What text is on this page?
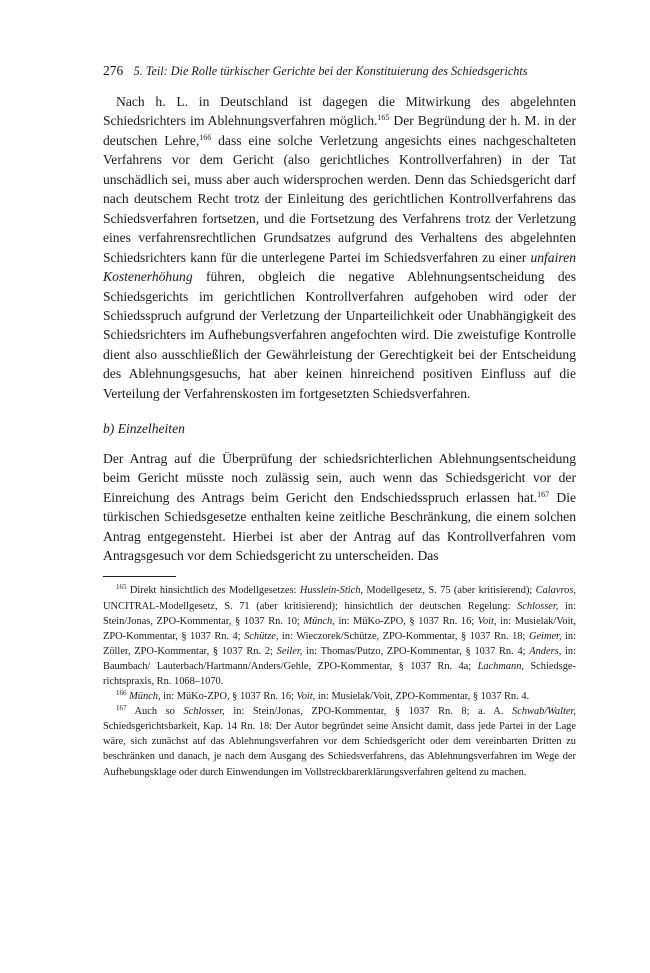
276 5. Teil: Die Rolle türkischer Gerichte bei der Konstituierung des Schiedsgerichts

Nach h. L. in Deutschland ist dagegen die Mitwirkung des abgelehnten Schiedsrichters im Ablehnungsverfahren möglich.$^{165}$ Der Begründung der h. M. in der deutschen Lehre,$^{166}$ dass eine solche Verletzung angesichts eines nachgeschalteten Verfahrens vor dem Gericht (also gerichtliches Kontrollverfahren) in der Tat unschädlich sei, muss aber auch widersprochen werden. Denn das Schiedsgericht darf nach deutschem Recht trotz der Einleitung des gerichtlichen Kontrollverfahrens das Schiedsverfahren fortsetzen, und die Fortsetzung des Verfahrens trotz der Verletzung eines verfahrensrechtlichen Grundsatzes aufgrund des Verhaltens des abgelehnten Schiedsrichters kann für die unterlegene Partei im Schiedsverfahren zu einer unfairen Kostenerhöhung führen, obgleich die negative Ablehnungsentscheidung des Schiedsgerichts im gerichtlichen Kontrollverfahren aufgehoben wird oder der Schiedsspruch aufgrund der Verletzung der Unparteilichkeit oder Unabhängigkeit des Schiedsrichters im Aufhebungsverfahren angefochten wird. Die zweistufige Kontrolle dient also ausschließlich der Gewährleistung der Gerechtigkeit bei der Entscheidung des Ablehnungsgesuchs, hat aber keinen hinreichend positiven Einfluss auf die Verteilung der Verfahrenskosten im fortgesetzten Schiedsverfahren.

b) Einzelheiten

Der Antrag auf die Überprüfung der schiedsrichterlichen Ablehnungsentscheidung beim Gericht müsste noch zulässig sein, auch wenn das Schiedsgericht vor der Einreichung des Antrags beim Gericht den Endschiedsspruch erlassen hat.$^{167}$ Die türkischen Schiedsgesetze enthalten keine zeitliche Beschränkung, die einem solchen Antrag entgegensteht. Hierbei ist aber der Antrag auf das Kontrollverfahren vom Antragsgesuch vor dem Schiedsgericht zu unterscheiden. Das

$^{165}$ Direkt hinsichtlich des Modellgesetzes: Husslein-Stich, Modellgesetz, S. 75 (aber kritisierend); Calavros, UNCITRAL-Modellgesetz, S. 71 (aber kritisierend); hinsichtlich der deutschen Regelung: Schlosser, in: Stein/Jonas, ZPO-Kommentar, § 1037 Rn. 10; Münch, in: MüKo-ZPO, § 1037 Rn. 16; Voit, in: Musielak/Voit, ZPO-Kommentar, § 1037 Rn. 4; Schütze, in: Wieczorek/Schütze, ZPO-Kommentar, § 1037 Rn. 18; Geimer, in: Zöller, ZPO-Kommentar, § 1037 Rn. 2; Seiler, in: Thomas/Putzo, ZPO-Kommentar, § 1037 Rn. 4; Anders, in: Baumbach/ Lauterbach/Hartmann/Anders/Gehle, ZPO-Kommentar, § 1037 Rn. 4a; Lachmann, Schiedsgerichtspraxis, Rn. 1068–1070.

$^{166}$ Münch, in: MüKo-ZPO, § 1037 Rn. 16; Voit, in: Musielak/Voit, ZPO-Kommentar, § 1037 Rn. 4.

$^{167}$ Auch so Schlosser, in: Stein/Jonas, ZPO-Kommentar, § 1037 Rn. 8; a. A. Schwab/Walter, Schiedsgerichtsbarkeit, Kap. 14 Rn. 18: Der Autor begründet seine Ansicht damit, dass jede Partei in der Lage wäre, sich zunächst auf das Ablehnungsverfahren vor dem Schiedsgericht oder dem vereinbarten Dritten zu beschränken und danach, je nach dem Ausgang des Schiedsverfahrens, das Ablehnungsverfahren im Wege der Aufhebungsklage oder durch Einwendungen im Vollstreckbarerklärungsverfahren geltend zu machen.
